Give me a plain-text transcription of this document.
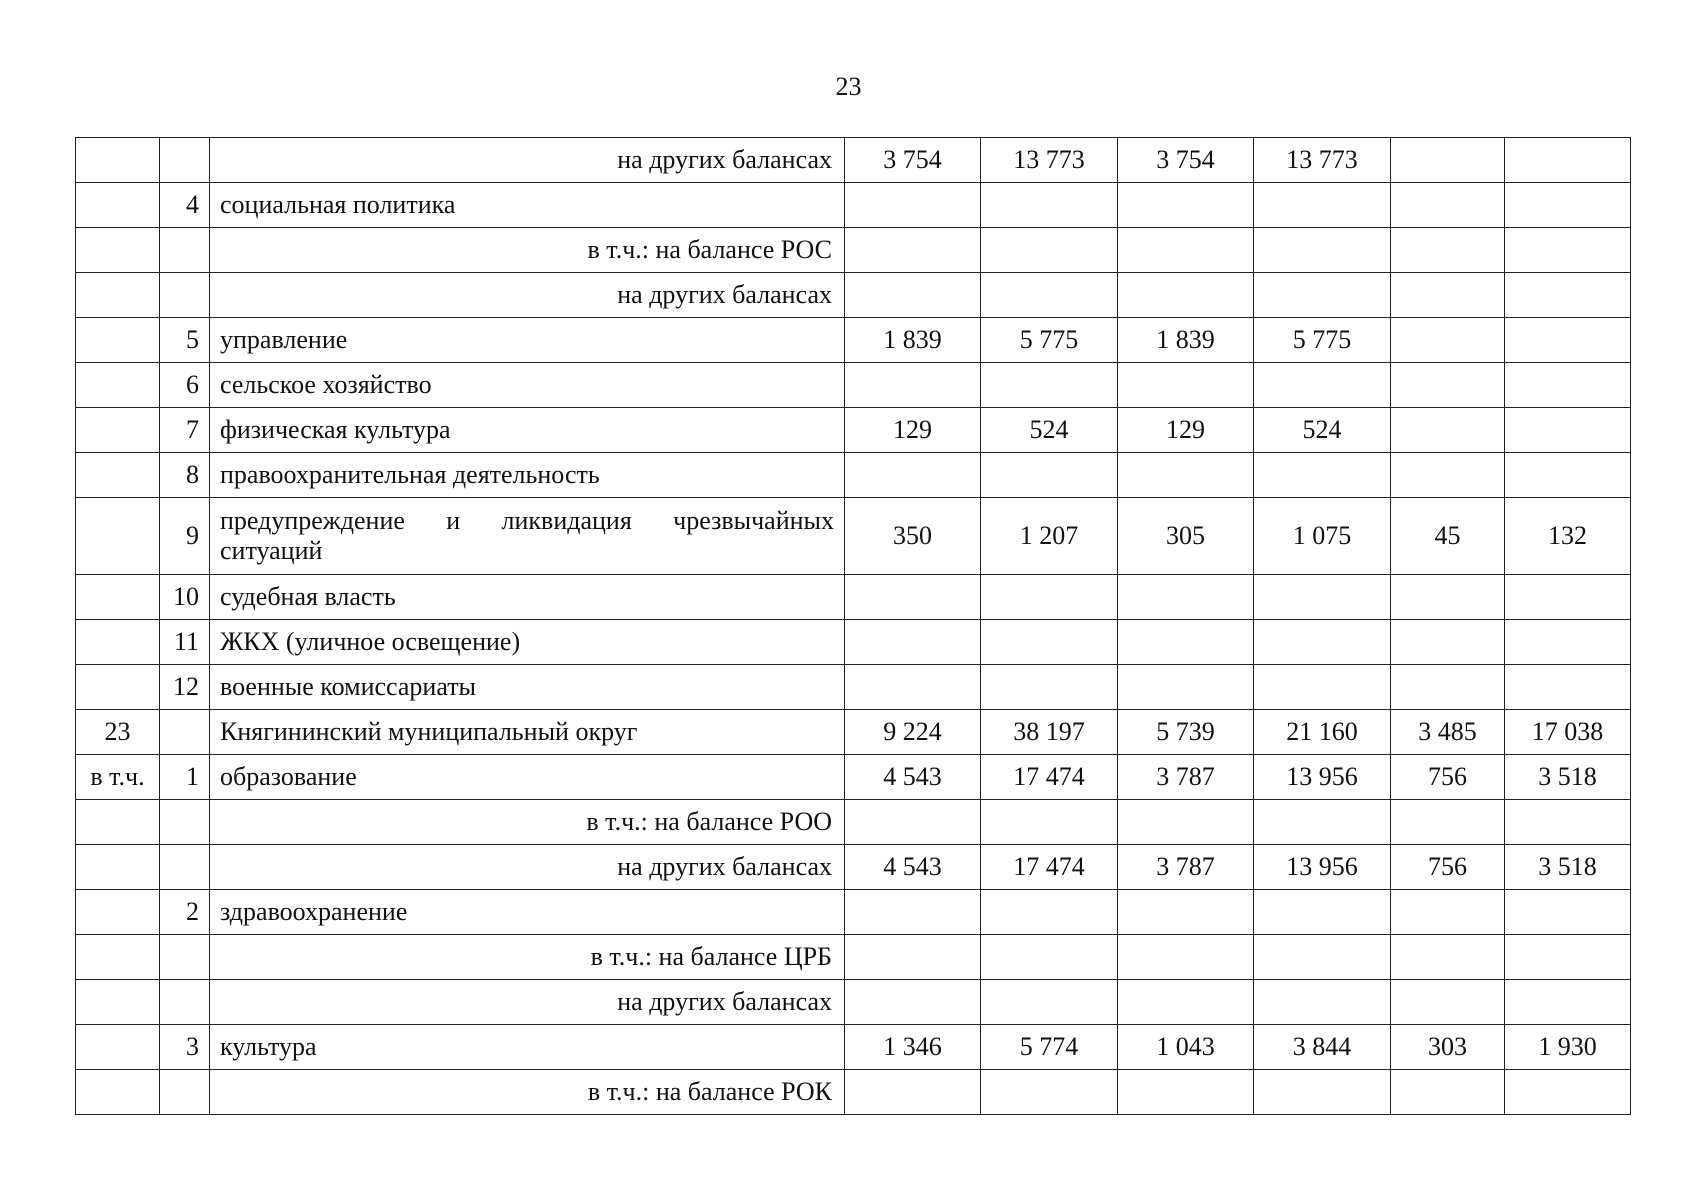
23
		на других балансах	3 754	13 773	3 754	13 773		
	4	социальная политика						
		в т.ч.: на балансе РОС						
		на других балансах						
	5	управление	1 839	5 775	1 839	5 775		
	6	сельское хозяйство						
	7	физическая культура	129	524	129	524		
	8	правоохранительная деятельность						
	9	предупреждение и ликвидация чрезвычайных ситуаций	350	1 207	305	1 075	45	132
	10	судебная власть						
	11	ЖКХ (уличное освещение)						
	12	военные комиссариаты						
23		Княгининский муниципальный округ	9 224	38 197	5 739	21 160	3 485	17 038
в т.ч.	1	образование	4 543	17 474	3 787	13 956	756	3 518
		в т.ч.: на балансе РОО						
		на других балансах	4 543	17 474	3 787	13 956	756	3 518
	2	здравоохранение						
		в т.ч.: на балансе ЦРБ						
		на других балансах						
	3	культура	1 346	5 774	1 043	3 844	303	1 930
		в т.ч.: на балансе РОК						
